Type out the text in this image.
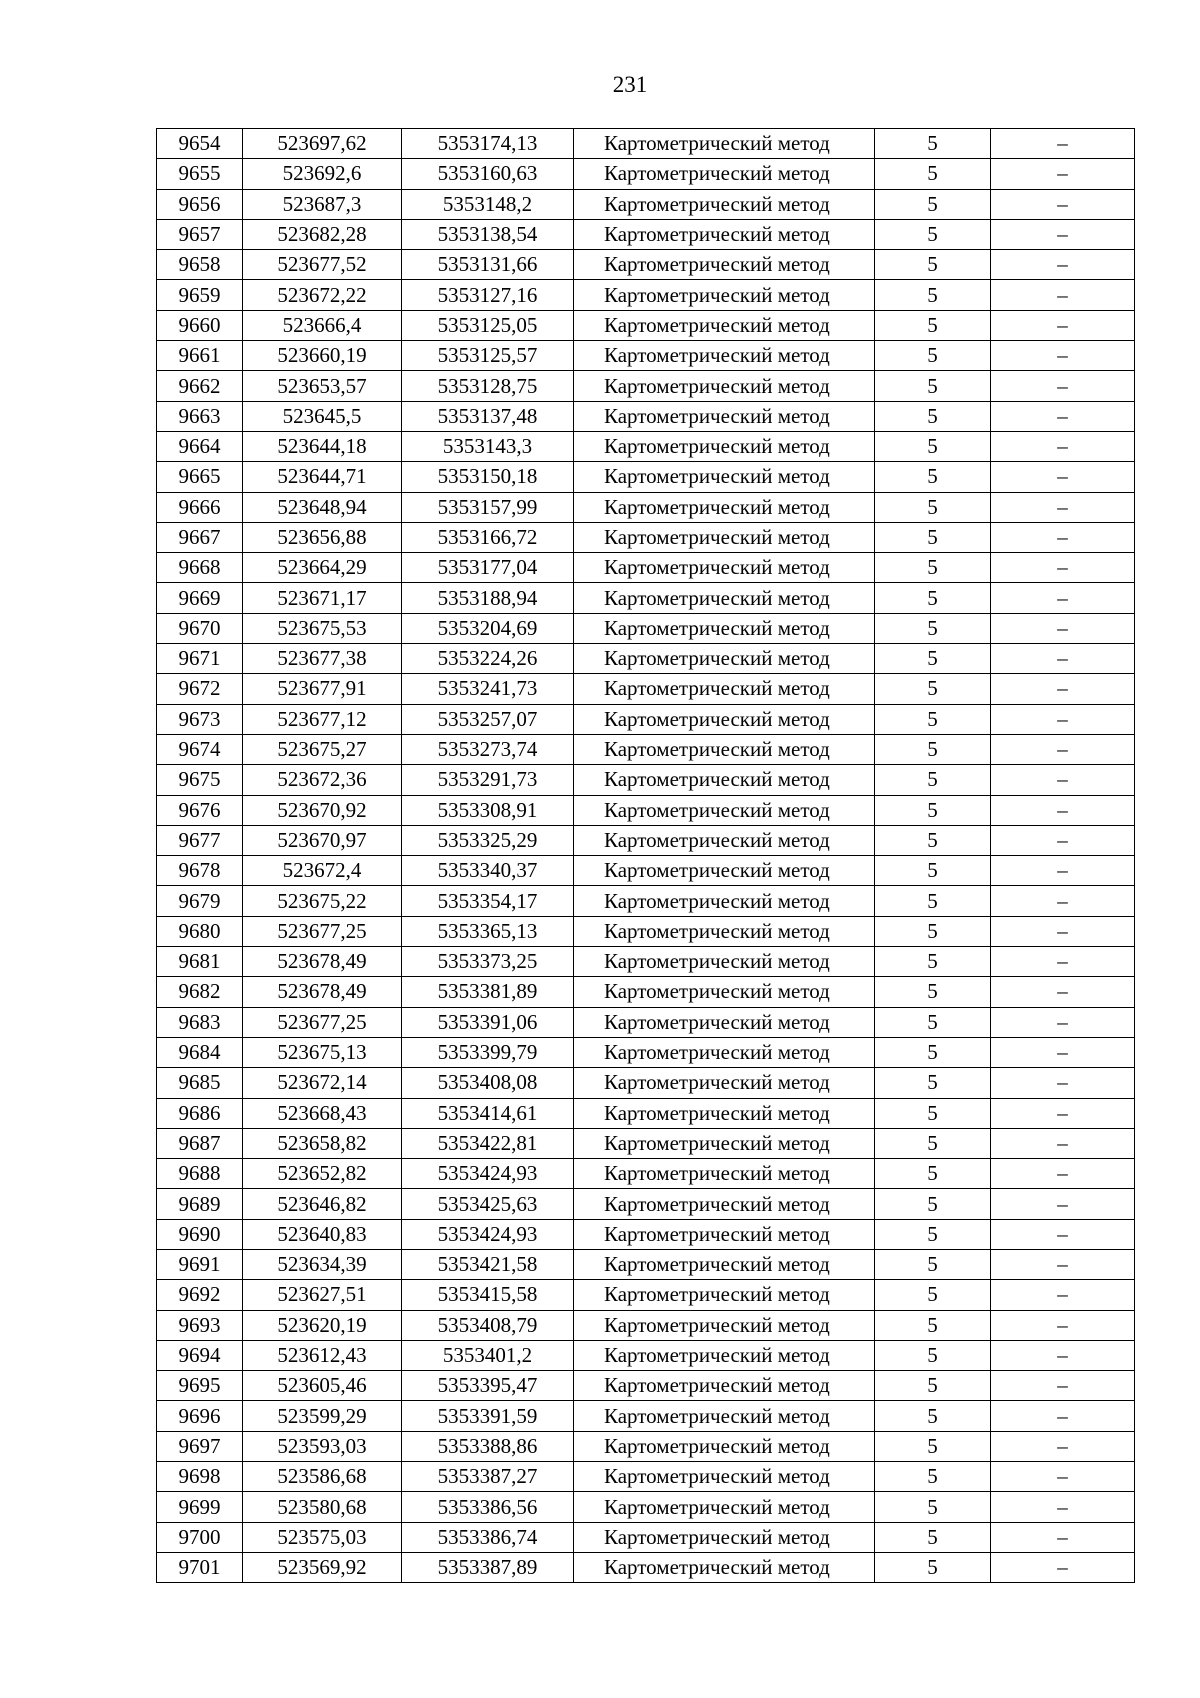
231
9654	523697,62	5353174,13	Картометрический метод	5	–
9655	523692,6	5353160,63	Картометрический метод	5	–
9656	523687,3	5353148,2	Картометрический метод	5	–
9657	523682,28	5353138,54	Картометрический метод	5	–
9658	523677,52	5353131,66	Картометрический метод	5	–
9659	523672,22	5353127,16	Картометрический метод	5	–
9660	523666,4	5353125,05	Картометрический метод	5	–
9661	523660,19	5353125,57	Картометрический метод	5	–
9662	523653,57	5353128,75	Картометрический метод	5	–
9663	523645,5	5353137,48	Картометрический метод	5	–
9664	523644,18	5353143,3	Картометрический метод	5	–
9665	523644,71	5353150,18	Картометрический метод	5	–
9666	523648,94	5353157,99	Картометрический метод	5	–
9667	523656,88	5353166,72	Картометрический метод	5	–
9668	523664,29	5353177,04	Картометрический метод	5	–
9669	523671,17	5353188,94	Картометрический метод	5	–
9670	523675,53	5353204,69	Картометрический метод	5	–
9671	523677,38	5353224,26	Картометрический метод	5	–
9672	523677,91	5353241,73	Картометрический метод	5	–
9673	523677,12	5353257,07	Картометрический метод	5	–
9674	523675,27	5353273,74	Картометрический метод	5	–
9675	523672,36	5353291,73	Картометрический метод	5	–
9676	523670,92	5353308,91	Картометрический метод	5	–
9677	523670,97	5353325,29	Картометрический метод	5	–
9678	523672,4	5353340,37	Картометрический метод	5	–
9679	523675,22	5353354,17	Картометрический метод	5	–
9680	523677,25	5353365,13	Картометрический метод	5	–
9681	523678,49	5353373,25	Картометрический метод	5	–
9682	523678,49	5353381,89	Картометрический метод	5	–
9683	523677,25	5353391,06	Картометрический метод	5	–
9684	523675,13	5353399,79	Картометрический метод	5	–
9685	523672,14	5353408,08	Картометрический метод	5	–
9686	523668,43	5353414,61	Картометрический метод	5	–
9687	523658,82	5353422,81	Картометрический метод	5	–
9688	523652,82	5353424,93	Картометрический метод	5	–
9689	523646,82	5353425,63	Картометрический метод	5	–
9690	523640,83	5353424,93	Картометрический метод	5	–
9691	523634,39	5353421,58	Картометрический метод	5	–
9692	523627,51	5353415,58	Картометрический метод	5	–
9693	523620,19	5353408,79	Картометрический метод	5	–
9694	523612,43	5353401,2	Картометрический метод	5	–
9695	523605,46	5353395,47	Картометрический метод	5	–
9696	523599,29	5353391,59	Картометрический метод	5	–
9697	523593,03	5353388,86	Картометрический метод	5	–
9698	523586,68	5353387,27	Картометрический метод	5	–
9699	523580,68	5353386,56	Картометрический метод	5	–
9700	523575,03	5353386,74	Картометрический метод	5	–
9701	523569,92	5353387,89	Картометрический метод	5	–
